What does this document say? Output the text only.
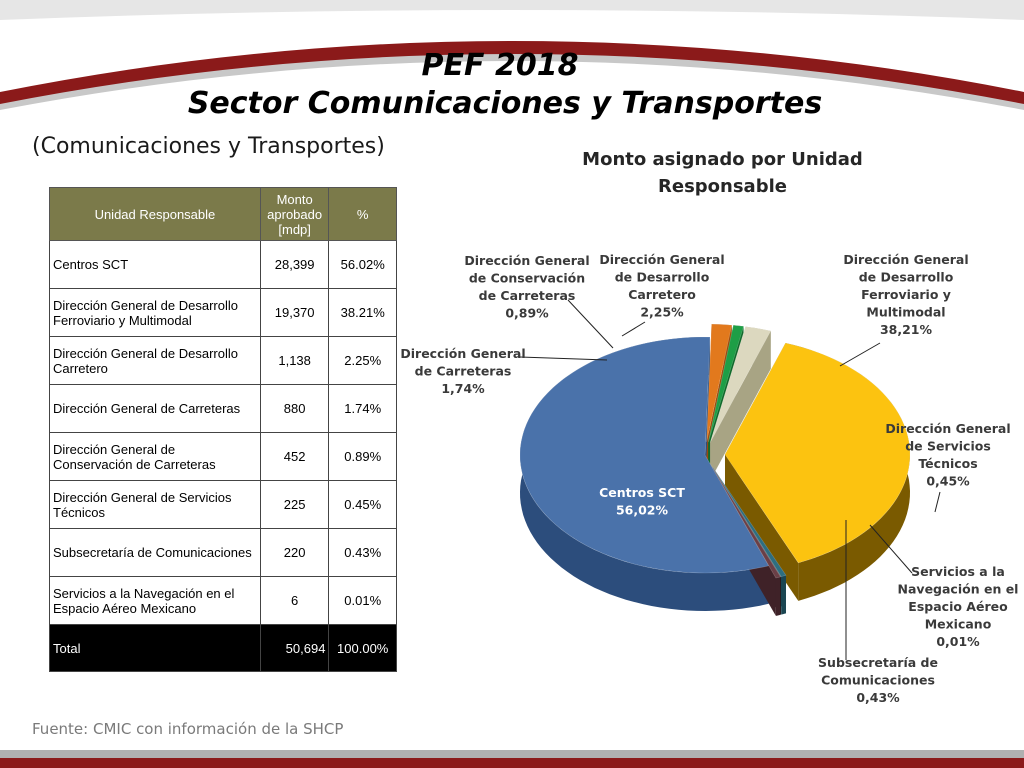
PEF 2018
Sector Comunicaciones y Transportes
(Comunicaciones y Transportes)
Monto asignado por Unidad
Responsable
Unidad Responsable	Monto aprobado [mdp]	%
Centros SCT	28,399	56.02%
Dirección General de Desarrollo Ferroviario y Multimodal	19,370	38.21%
Dirección General de Desarrollo Carretero	1,138	2.25%
Dirección General de Carreteras	880	1.74%
Dirección General de Conservación de Carreteras	452	0.89%
Dirección General de Servicios Técnicos	225	0.45%
Subsecretaría de Comunicaciones	220	0.43%
Servicios a la Navegación en el Espacio Aéreo Mexicano	6	0.01%
Total	50,694	100.00%
Centros SCT 56,02%
Dirección General de Carreteras 1,74%
Dirección General de Conservación de Carreteras 0,89%
Dirección General de Desarrollo Carretero 2,25%
Dirección General de Desarrollo Ferroviario y Multimodal 38,21%
Dirección General de Servicios Técnicos 0,45%
Servicios a la Navegación en el Espacio Aéreo Mexicano 0,01%
Subsecretaría de Comunicaciones 0,43%
Fuente: CMIC con información de la SHCP
